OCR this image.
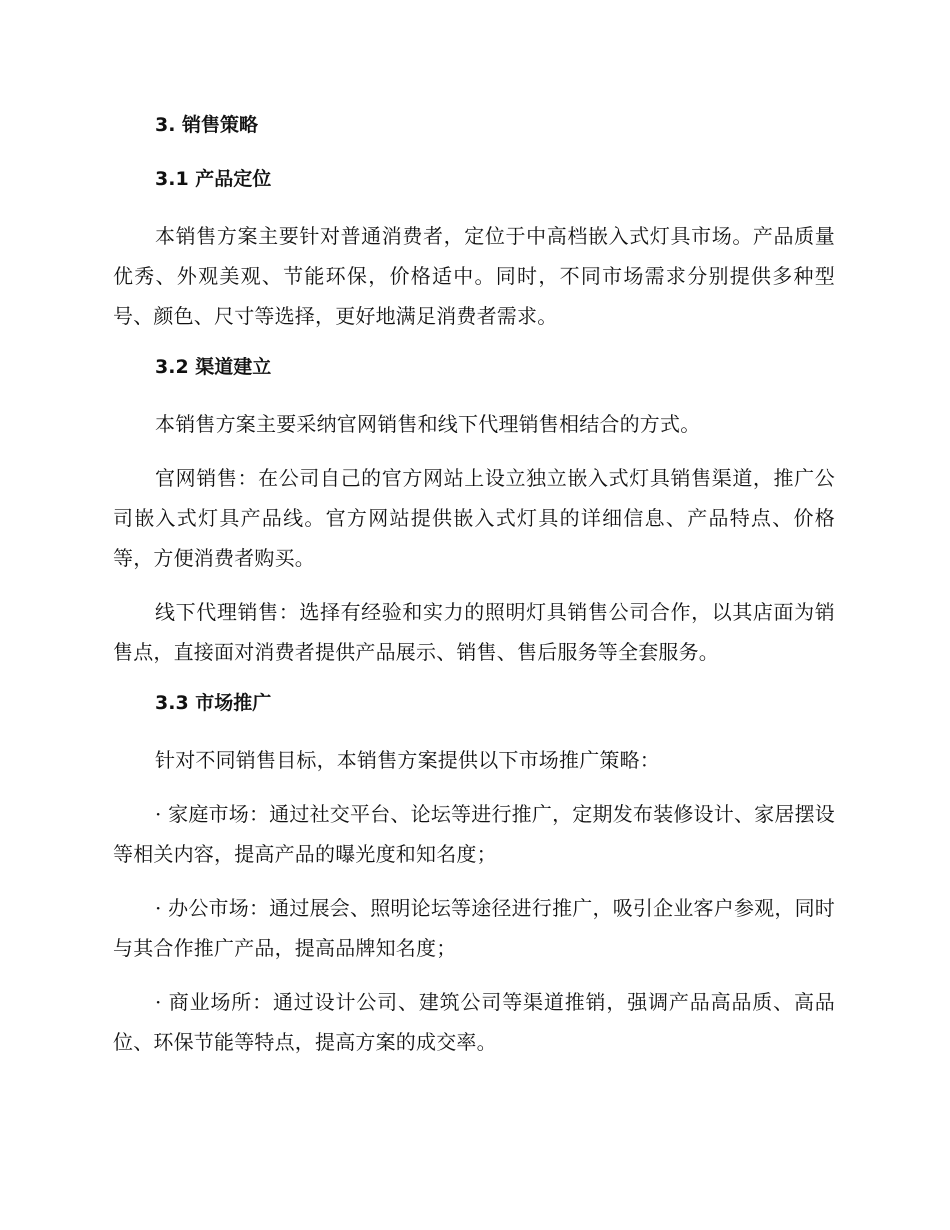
3. 销售策略
3.1 产品定位

本销售方案主要针对普通消费者，定位于中高档嵌入式灯具市场。产品质量优秀、外观美观、节能环保，价格适中。同时，不同市场需求分别提供多种型号、颜色、尺寸等选择，更好地满足消费者需求。

3.2 渠道建立

本销售方案主要采纳官网销售和线下代理销售相结合的方式。

官网销售：在公司自己的官方网站上设立独立嵌入式灯具销售渠道，推广公司嵌入式灯具产品线。官方网站提供嵌入式灯具的详细信息、产品特点、价格等，方便消费者购买。

线下代理销售：选择有经验和实力的照明灯具销售公司合作，以其店面为销售点，直接面对消费者提供产品展示、销售、售后服务等全套服务。

3.3 市场推广

针对不同销售目标，本销售方案提供以下市场推广策略：

· 家庭市场：通过社交平台、论坛等进行推广，定期发布装修设计、家居摆设等相关内容，提高产品的曝光度和知名度；

· 办公市场：通过展会、照明论坛等途径进行推广，吸引企业客户参观，同时与其合作推广产品，提高品牌知名度；

· 商业场所：通过设计公司、建筑公司等渠道推销，强调产品高品质、高品位、环保节能等特点，提高方案的成交率。
